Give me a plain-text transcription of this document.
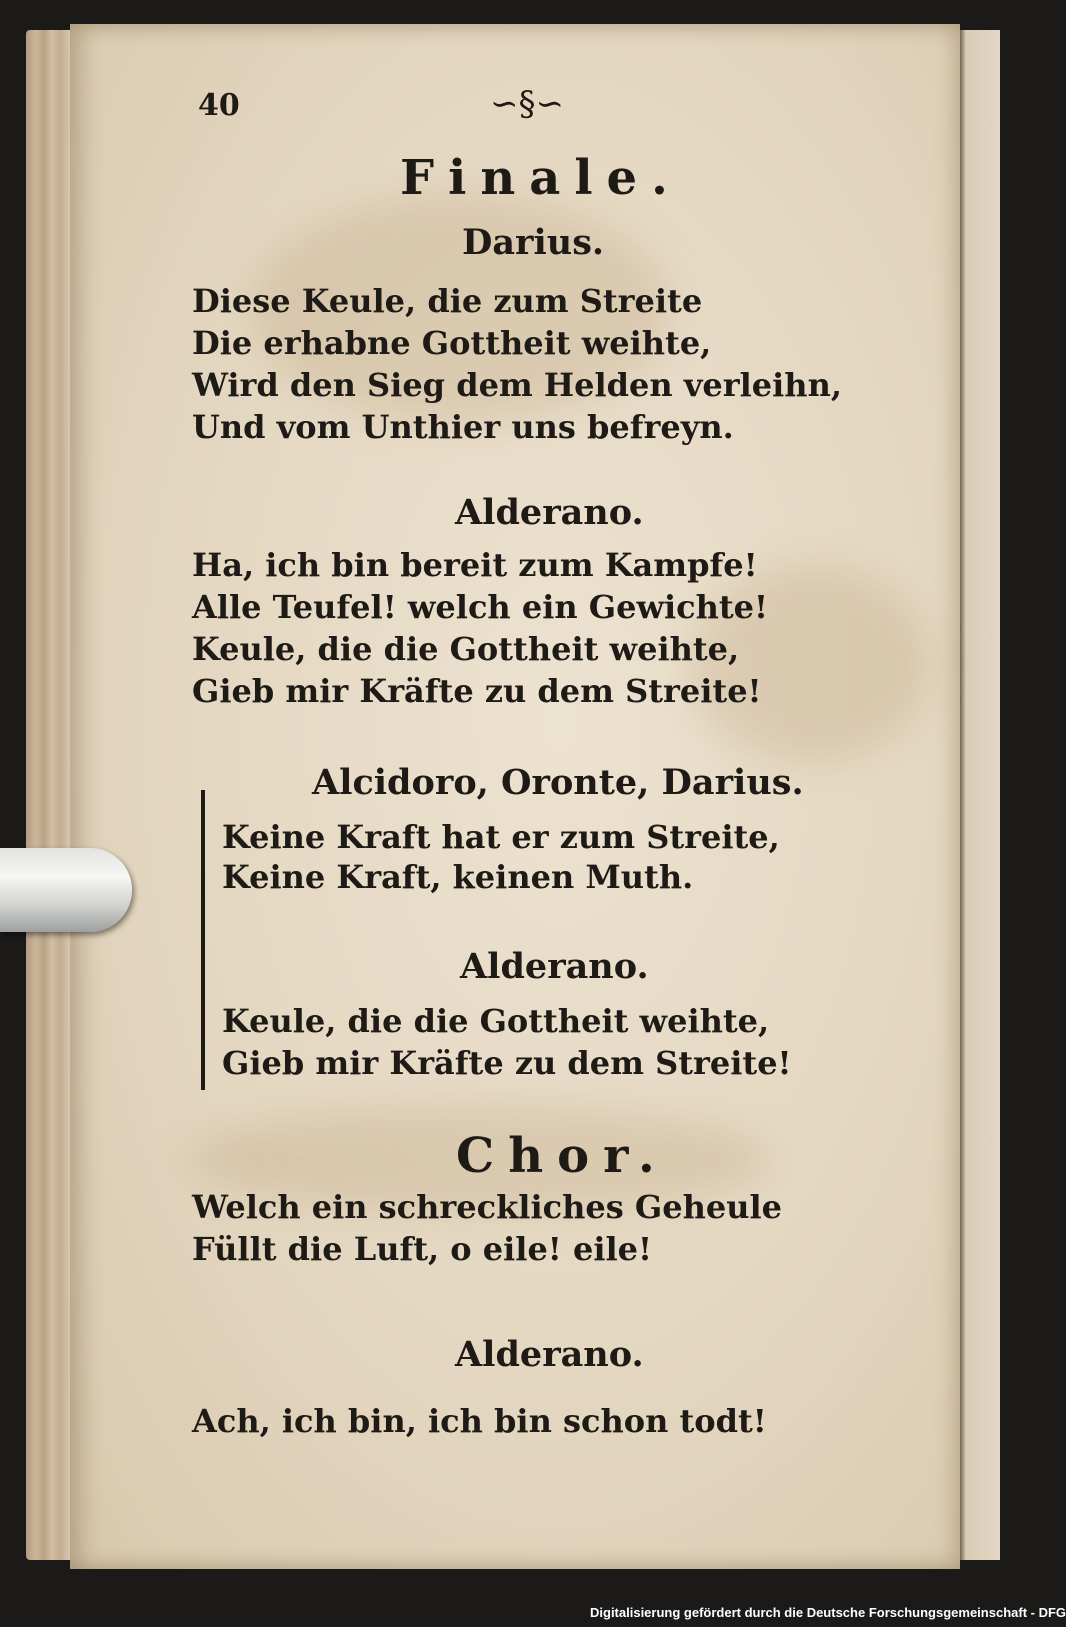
40	∽§∽
Finale.
Darius.
Diese Keule, die zum Streite
Die erhabne Gottheit weihte,
Wird den Sieg dem Helden verleihn,
Und vom Unthier uns befreyn.
Alderano.
Ha, ich bin bereit zum Kampfe!
Alle Teufel! welch ein Gewichte!
Keule, die die Gottheit weihte,
Gieb mir Kräfte zu dem Streite!
Alcidoro, Oronte, Darius.
Keine Kraft hat er zum Streite,
Keine Kraft, keinen Muth.
Alderano.
Keule, die die Gottheit weihte,
Gieb mir Kräfte zu dem Streite!
Chor.
Welch ein schreckliches Geheule
Füllt die Luft, o eile! eile!
Alderano.
Ach, ich bin, ich bin schon todt!
Digitalisierung gefördert durch die Deutsche Forschungsgemeinschaft - DFG
